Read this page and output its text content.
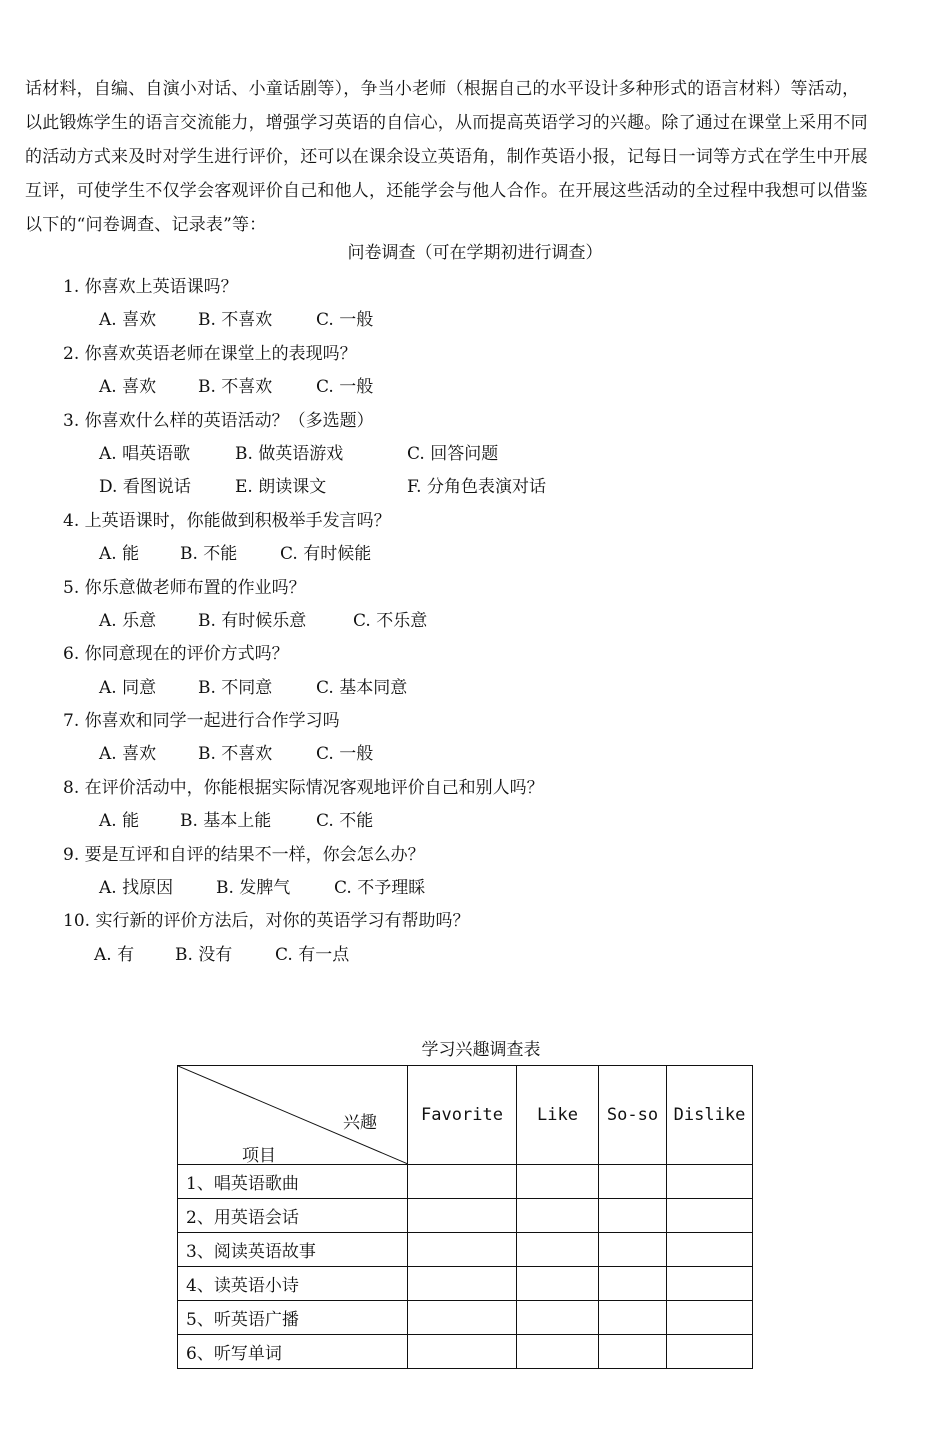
话材料，自编、自演小对话、小童话剧等），争当小老师（根据自己的水平设计多种形式的语言材料）等活动，
以此锻炼学生的语言交流能力，增强学习英语的自信心，从而提高英语学习的兴趣。除了通过在课堂上采用不同
的活动方式来及时对学生进行评价，还可以在课余设立英语角，制作英语小报，记每日一词等方式在学生中开展
互评，可使学生不仅学会客观评价自己和他人，还能学会与他人合作。在开展这些活动的全过程中我想可以借鉴
以下的“问卷调查、记录表”等：
问卷调查（可在学期初进行调查）
1. 你喜欢上英语课吗？
A. 喜欢 B. 不喜欢	C. 一般
2. 你喜欢英语老师在课堂上的表现吗？
A. 喜欢 B. 不喜欢	C. 一般
3. 你喜欢什么样的英语活动？（多选题）
A. 唱英语歌	B. 做英语游戏	C. 回答问题
D. 看图说话	E. 朗读课文	F. 分角色表演对话
4. 上英语课时，你能做到积极举手发言吗？
A. 能 B. 不能	C. 有时候能
5. 你乐意做老师布置的作业吗？
A. 乐意 B. 有时候乐意	C. 不乐意
6. 你同意现在的评价方式吗？
A. 同意 B. 不同意	C. 基本同意
7. 你喜欢和同学一起进行合作学习吗
A. 喜欢 B. 不喜欢	C. 一般
8. 在评价活动中，你能根据实际情况客观地评价自己和别人吗？
A. 能 B. 基本上能	C. 不能
9. 要是互评和自评的结果不一样，你会怎么办？
A. 找原因	B. 发脾气	C. 不予理睬
10. 实行新的评价方法后，对你的英语学习有帮助吗？
A. 有 B. 没有	C. 有一点
学习兴趣调查表
兴趣
项目	Favorite	Like	So-so	Dislike
1、唱英语歌曲				
2、用英语会话				
3、阅读英语故事				
4、读英语小诗				
5、听英语广播				
6、听写单词				
